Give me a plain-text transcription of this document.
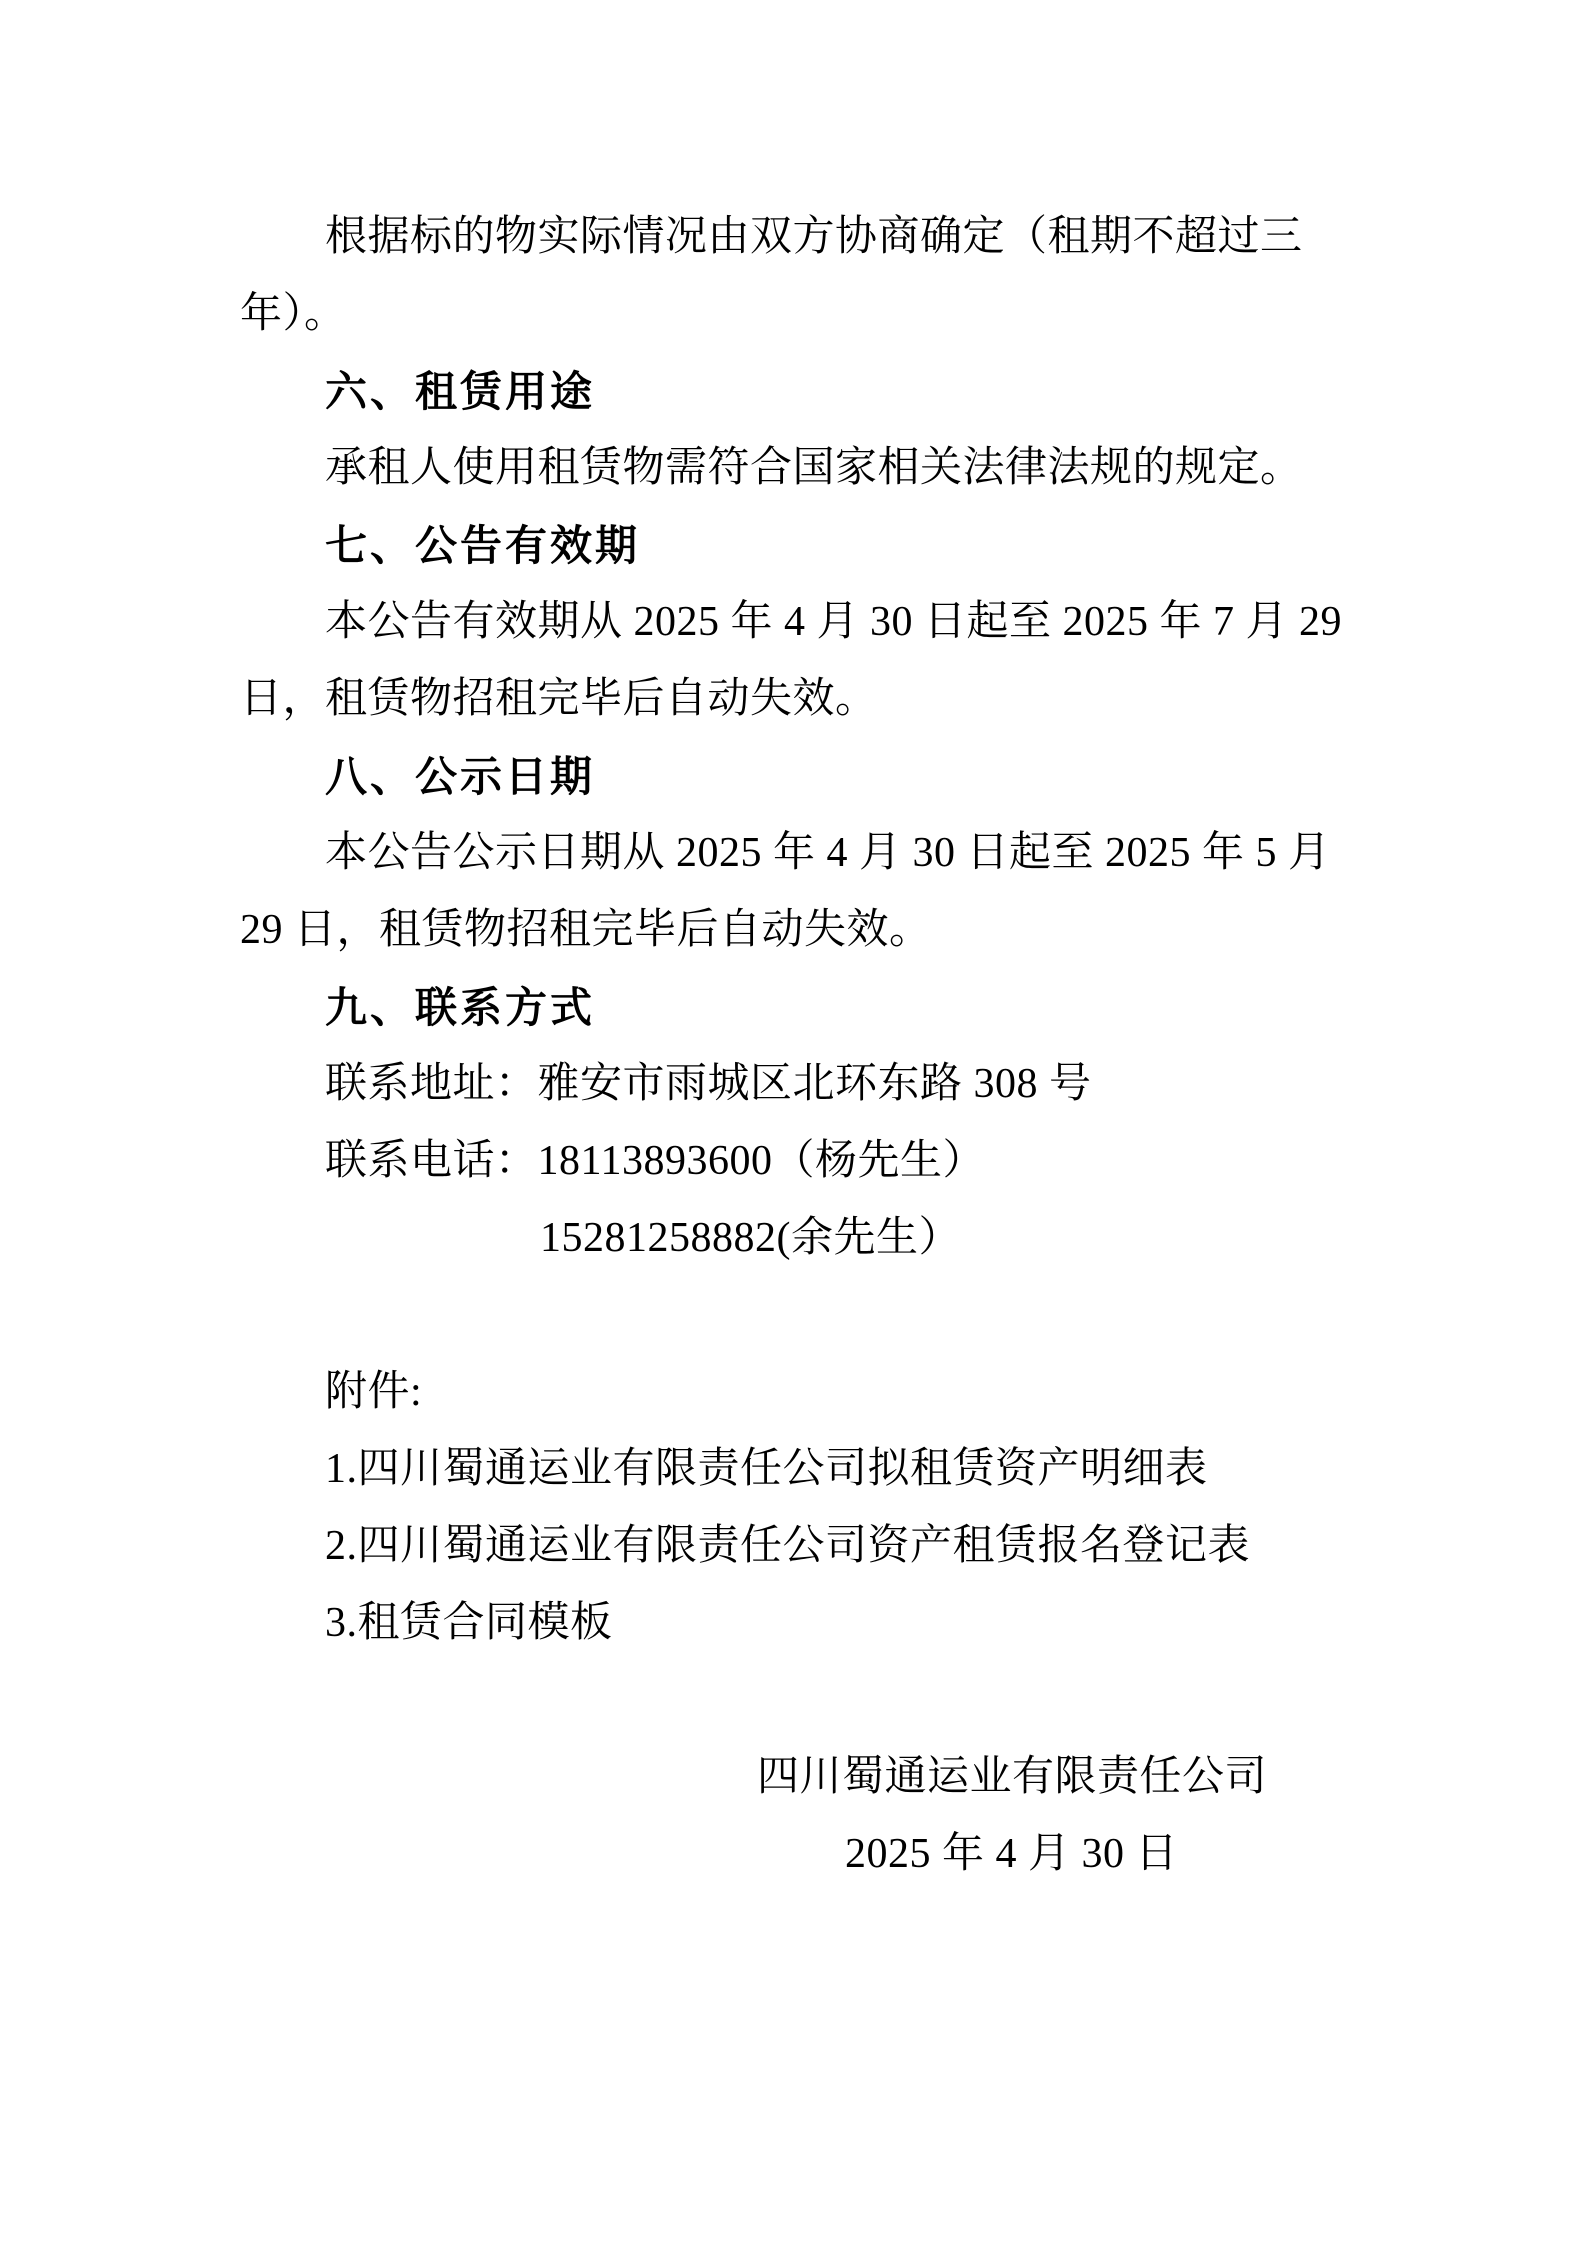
根据标的物实际情况由双方协商确定（租期不超过三
年）。
六、租赁用途
承租人使用租赁物需符合国家相关法律法规的规定。
七、公告有效期
本公告有效期从 2025 年 4 月 30 日起至 2025 年 7 月 29
日，租赁物招租完毕后自动失效。
八、公示日期
本公告公示日期从 2025 年 4 月 30 日起至 2025 年 5 月
29 日，租赁物招租完毕后自动失效。
九、联系方式
联系地址：雅安市雨城区北环东路 308 号
联系电话：18113893600（杨先生）
15281258882(余先生）
附件:
1.四川蜀通运业有限责任公司拟租赁资产明细表
2.四川蜀通运业有限责任公司资产租赁报名登记表
3.租赁合同模板
四川蜀通运业有限责任公司
2025 年 4 月 30 日
